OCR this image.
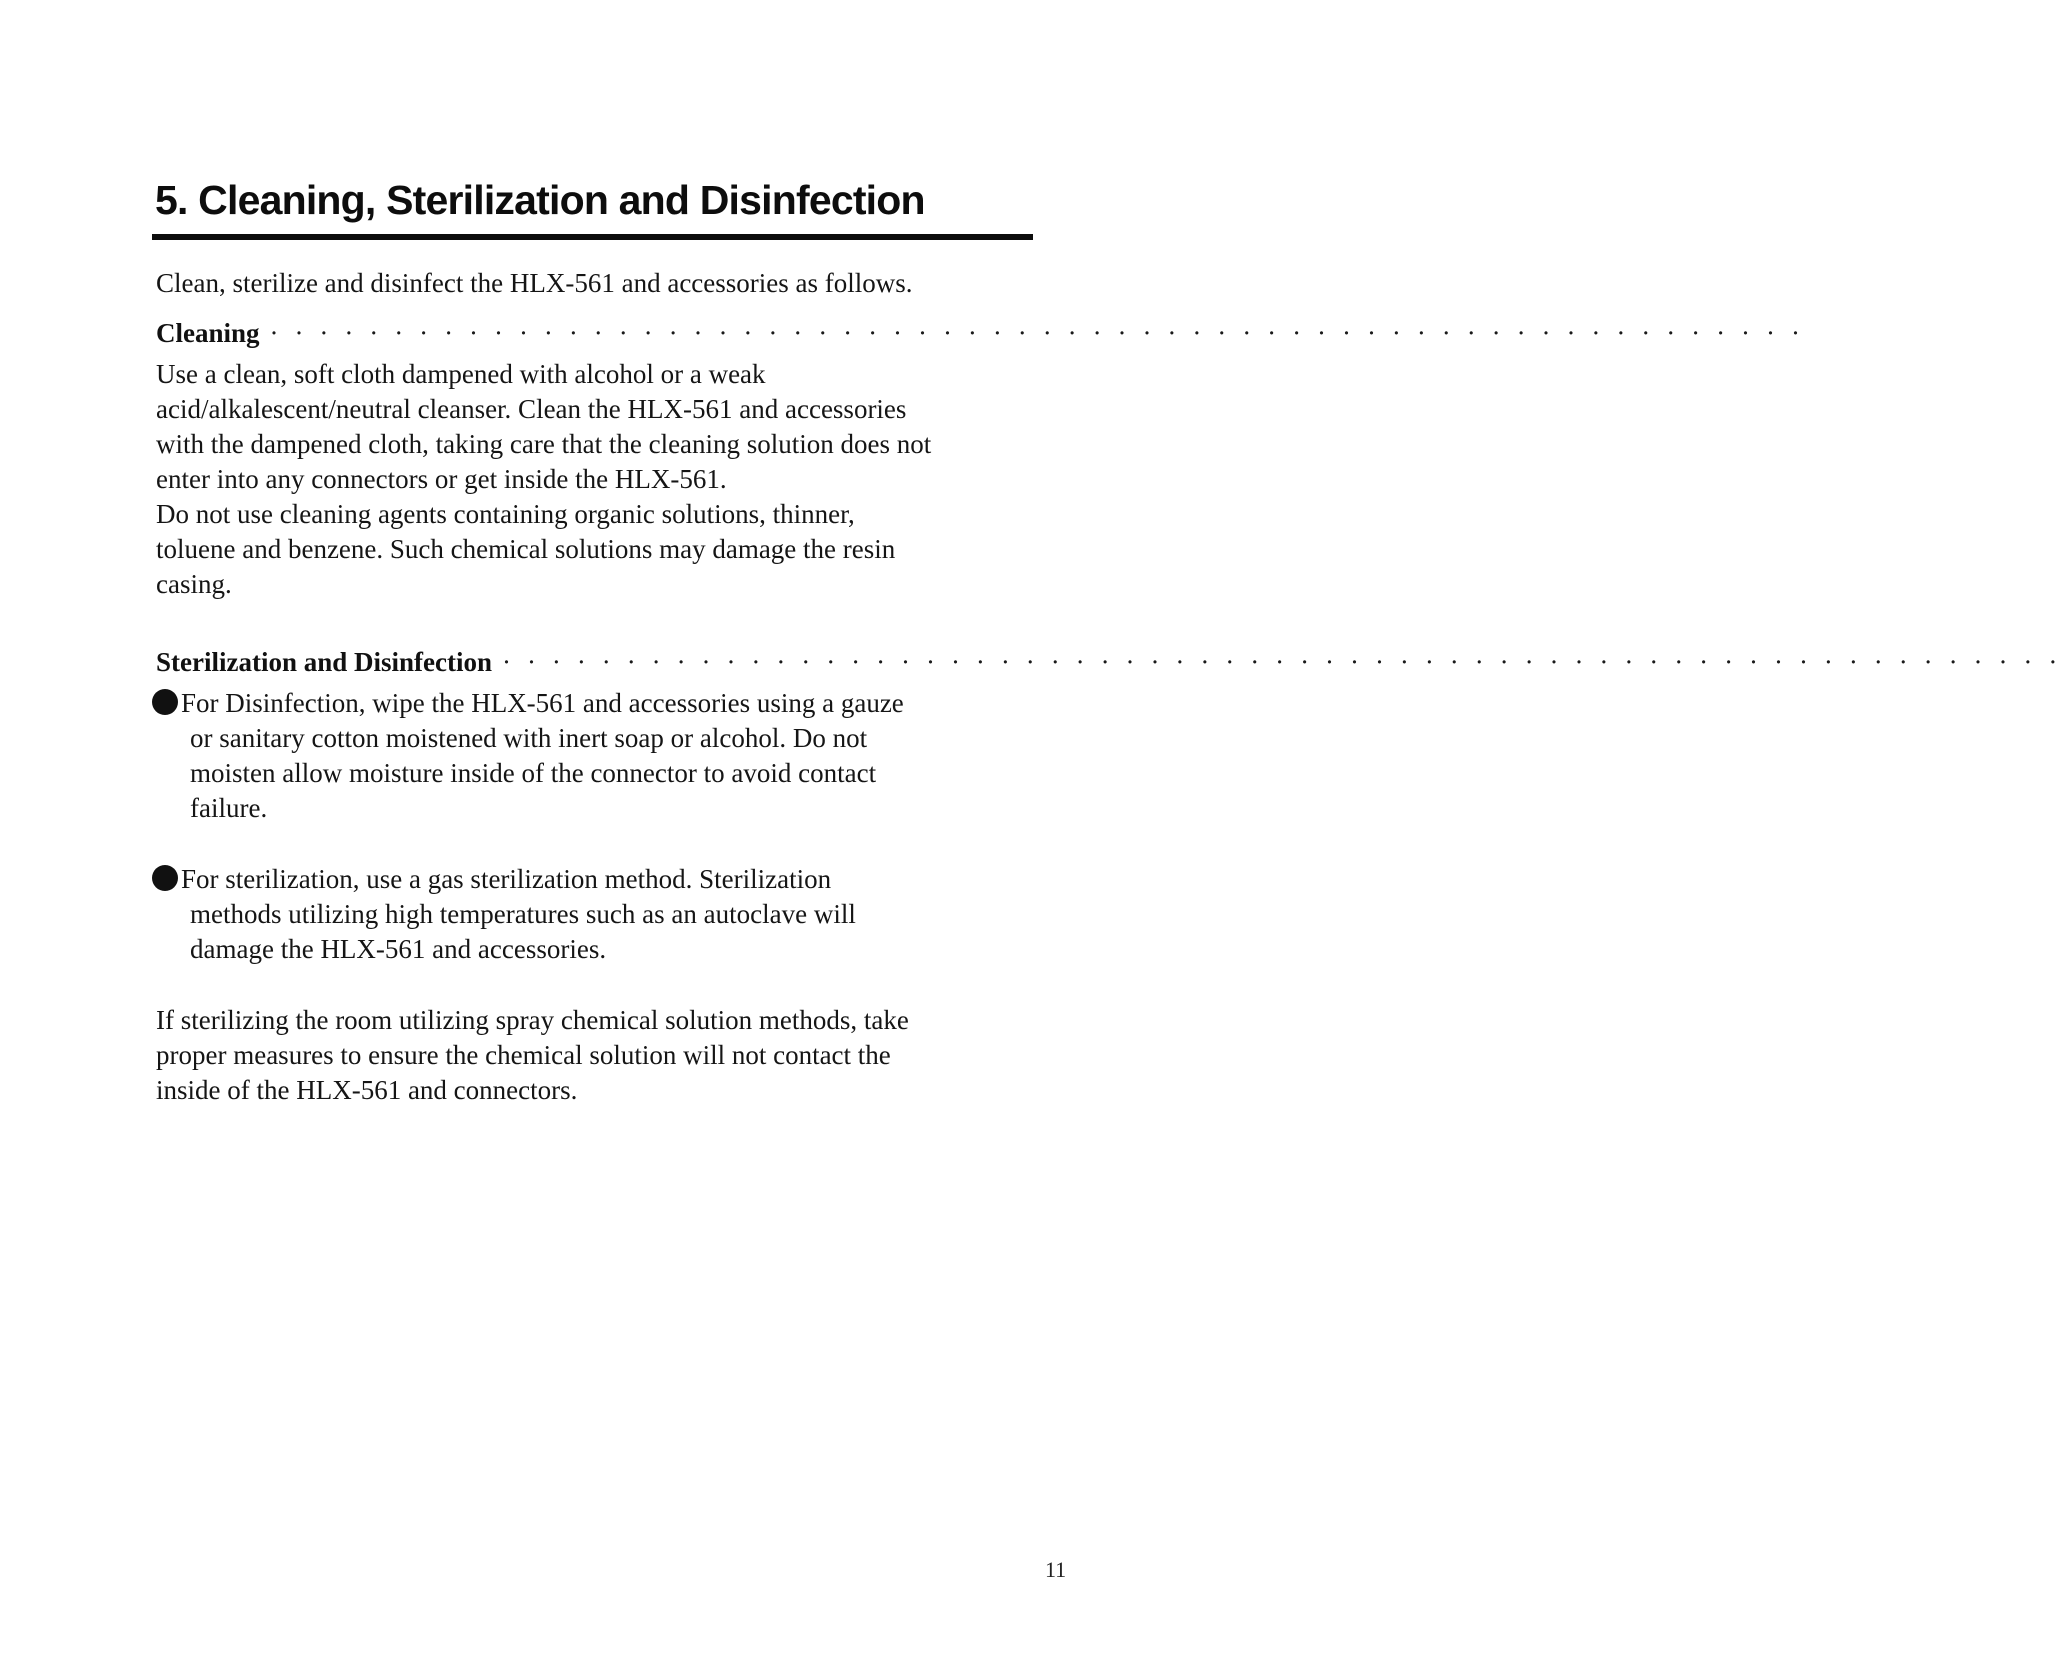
5. Cleaning, Sterilization and Disinfection

Clean, sterilize and disinfect the HLX-561 and accessories as follows.

Cleaning · · · · · · · · · · · · · · · · · · · · · · · · · · · · · · · · · · · · · · · · · · · · · · · · · · · · · · · · · · · · · ·

Use a clean, soft cloth dampened with alcohol or a weak
acid/alkalescent/neutral cleanser. Clean the HLX-561 and accessories
with the dampened cloth, taking care that the cleaning solution does not
enter into any connectors or get inside the HLX-561.
Do not use cleaning agents containing organic solutions, thinner,
toluene and benzene. Such chemical solutions may damage the resin
casing.

Sterilization and Disinfection · · · · · · · · · · · · · · · · · · · · · · · · · · · · · · · · · · · · · · · · · · · · · · · · · · · · · · · · · · · · · · ·
For Disinfection, wipe the HLX-561 and accessories using a gauze
or sanitary cotton moistened with inert soap or alcohol. Do not
moisten allow moisture inside of the connector to avoid contact
failure.
For sterilization, use a gas sterilization method. Sterilization
methods utilizing high temperatures such as an autoclave will
damage the HLX-561 and accessories.

If sterilizing the room utilizing spray chemical solution methods, take
proper measures to ensure the chemical solution will not contact the
inside of the HLX-561 and connectors.

11
